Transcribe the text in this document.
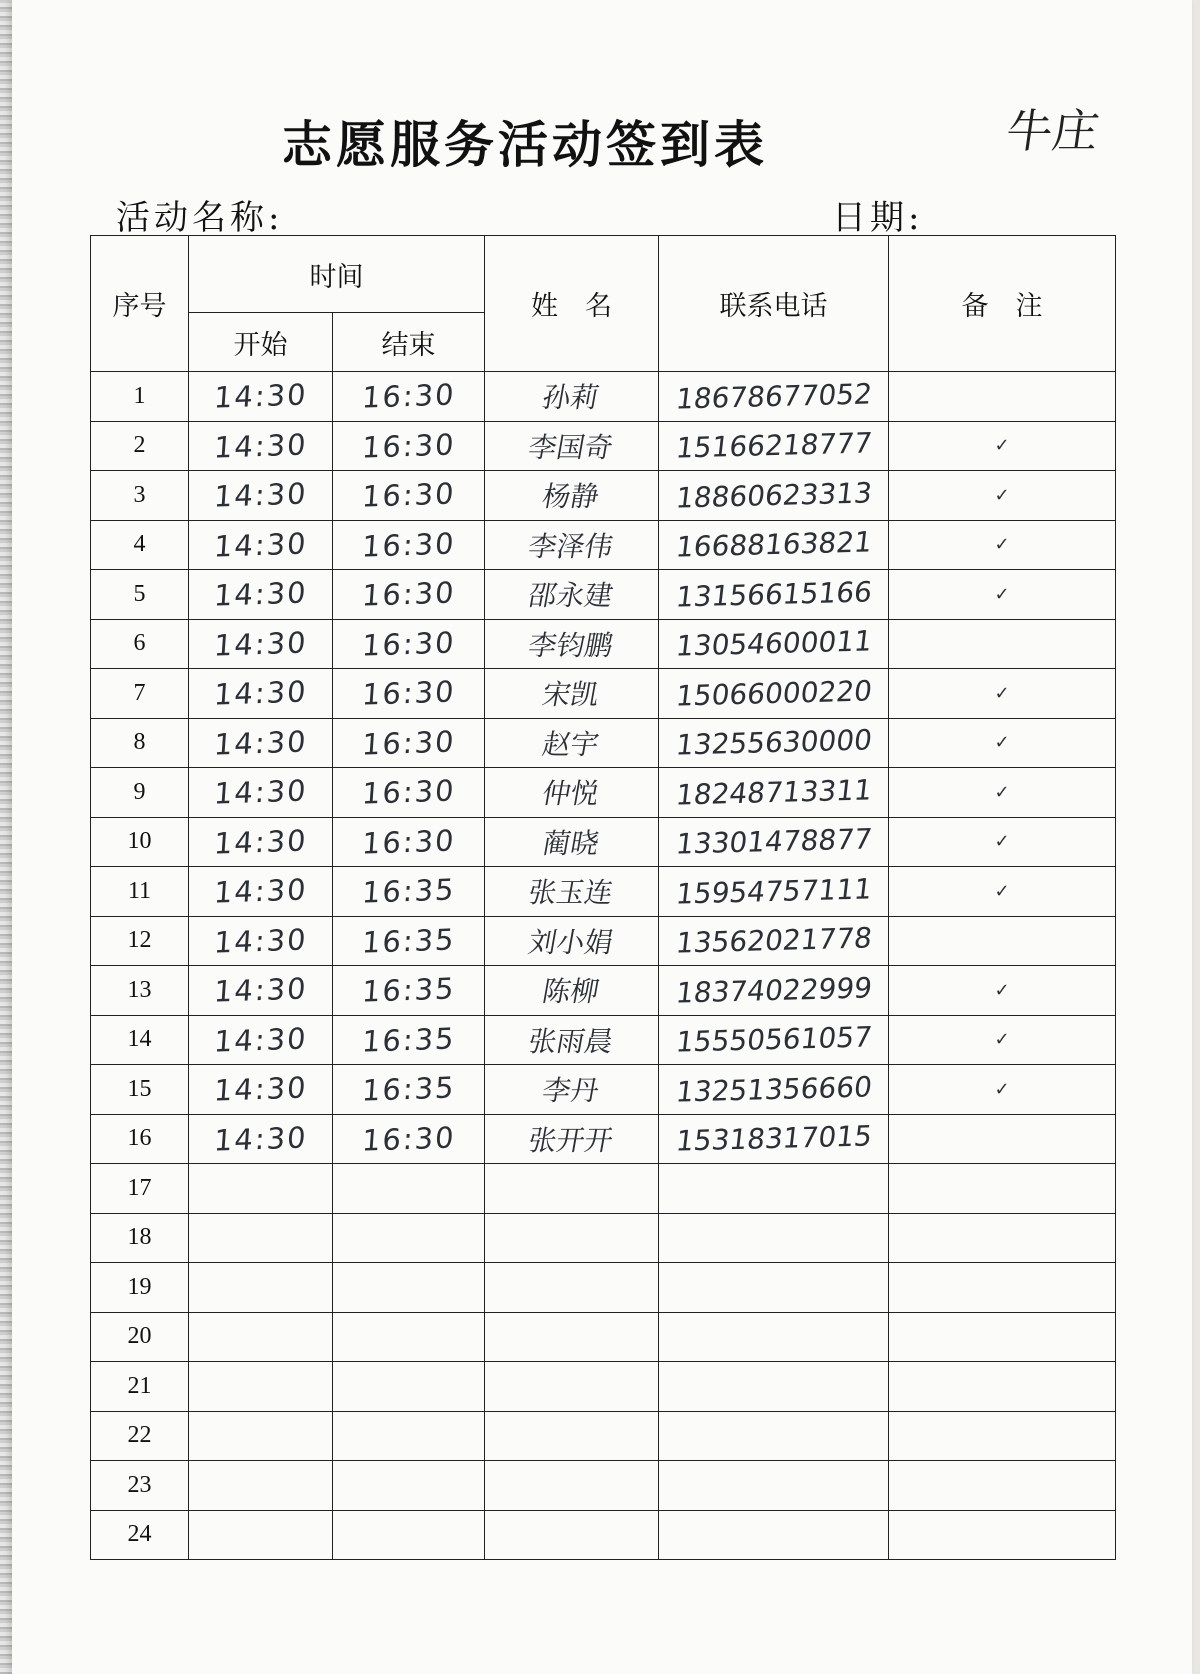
志愿服务活动签到表	牛庄
活动名称:	日期:
序号	时间		姓　名	联系电话	备　注
	开始	结束			
1	14:30	16:30	孙莉	18678677052	
2	14:30	16:30	李国奇	15166218777	✓
3	14:30	16:30	杨静	18860623313	✓
4	14:30	16:30	李泽伟	16688163821	✓
5	14:30	16:30	邵永建	13156615166	✓
6	14:30	16:30	李钧鹏	13054600011	
7	14:30	16:30	宋凯	15066000220	✓
8	14:30	16:30	赵宇	13255630000	✓
9	14:30	16:30	仲悦	18248713311	✓
10	14:30	16:30	蔺晓	13301478877	✓
11	14:30	16:35	张玉连	15954757111	✓
12	14:30	16:35	刘小娟	13562021778	
13	14:30	16:35	陈柳	18374022999	✓
14	14:30	16:35	张雨晨	15550561057	✓
15	14:30	16:35	李丹	13251356660	✓
16	14:30	16:30	张开开	15318317015	
17					
18					
19					
20					
21					
22					
23					
24					
